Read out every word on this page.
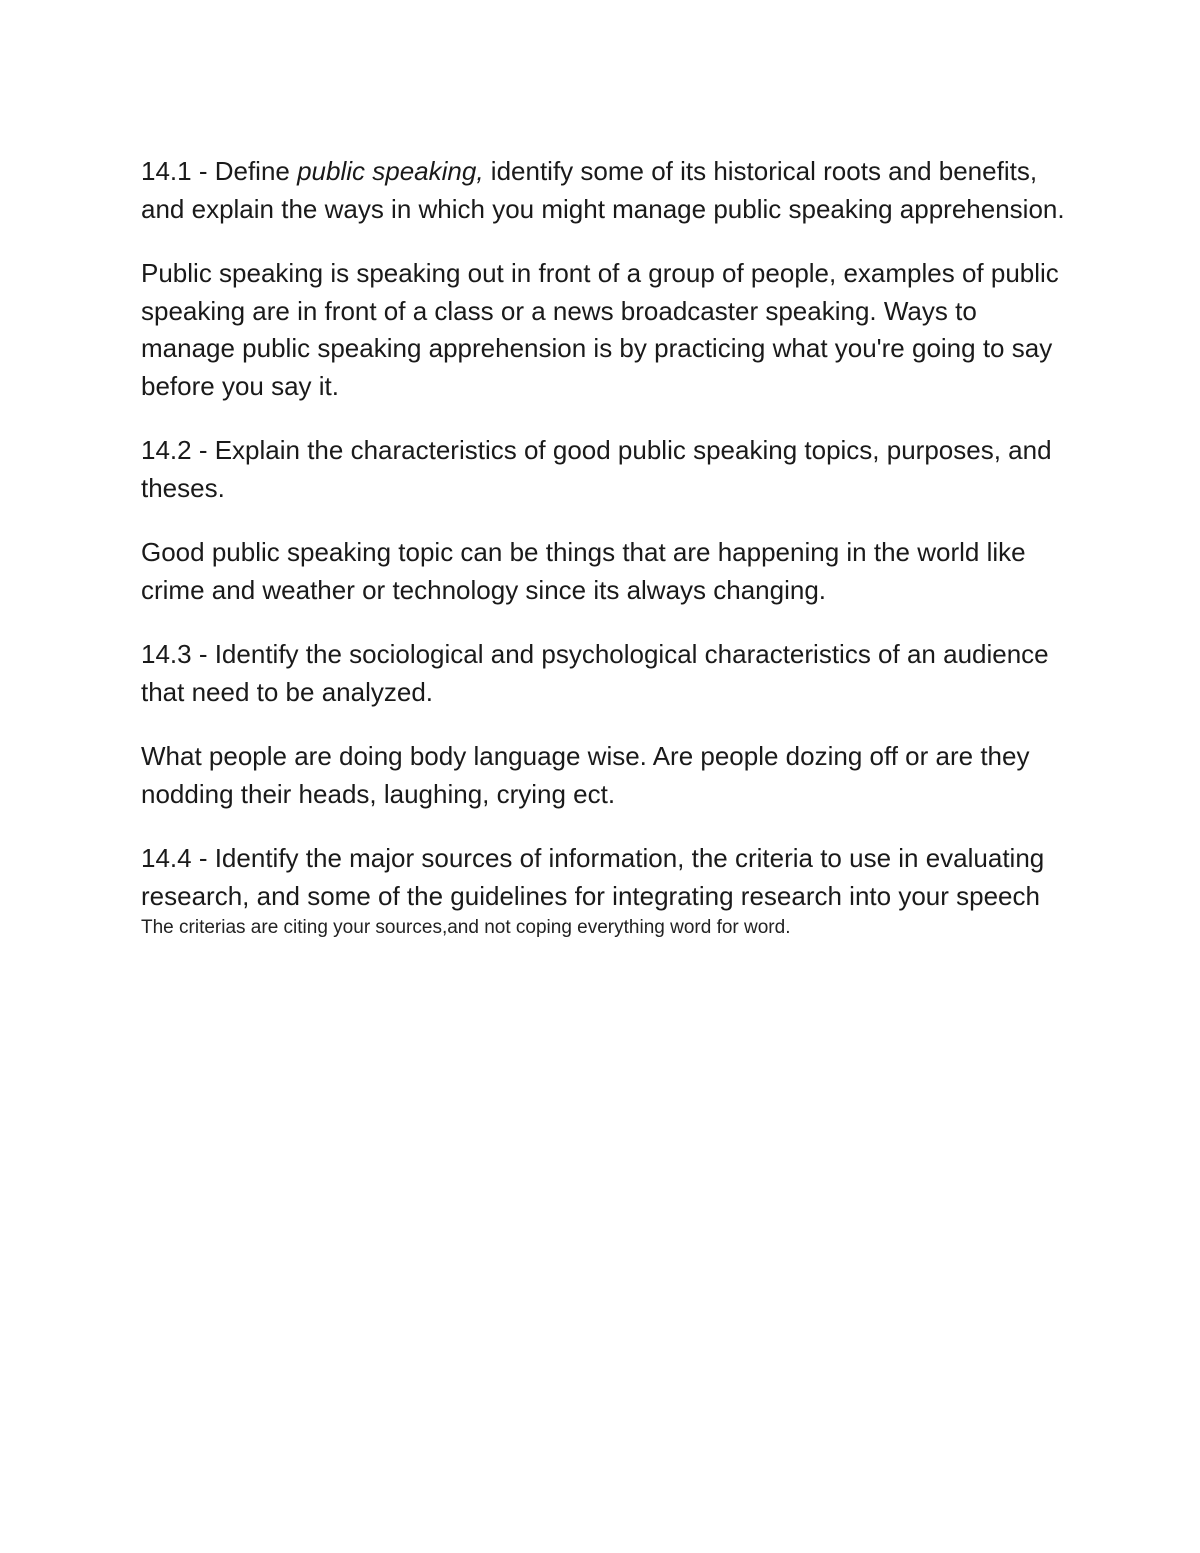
14.1 - Define public speaking, identify some of its historical roots and benefits, and explain the ways in which you might manage public speaking apprehension.

Public speaking is speaking out in front of a group of people, examples of public speaking are in front of a class or a news broadcaster speaking. Ways to manage public speaking apprehension is by practicing what you're going to say before you say it.

14.2 - Explain the characteristics of good public speaking topics, purposes, and theses.

Good public speaking topic can be things that are happening in the world like crime and weather or technology since its always changing.

14.3 - Identify the sociological and psychological characteristics of an audience that need to be analyzed.

What people are doing body language wise. Are people dozing off or are they nodding their heads, laughing, crying ect.

14.4 - Identify the major sources of information, the criteria to use in evaluating research, and some of the guidelines for integrating research into your speech

The criterias are citing your sources,and not coping everything word for word.
